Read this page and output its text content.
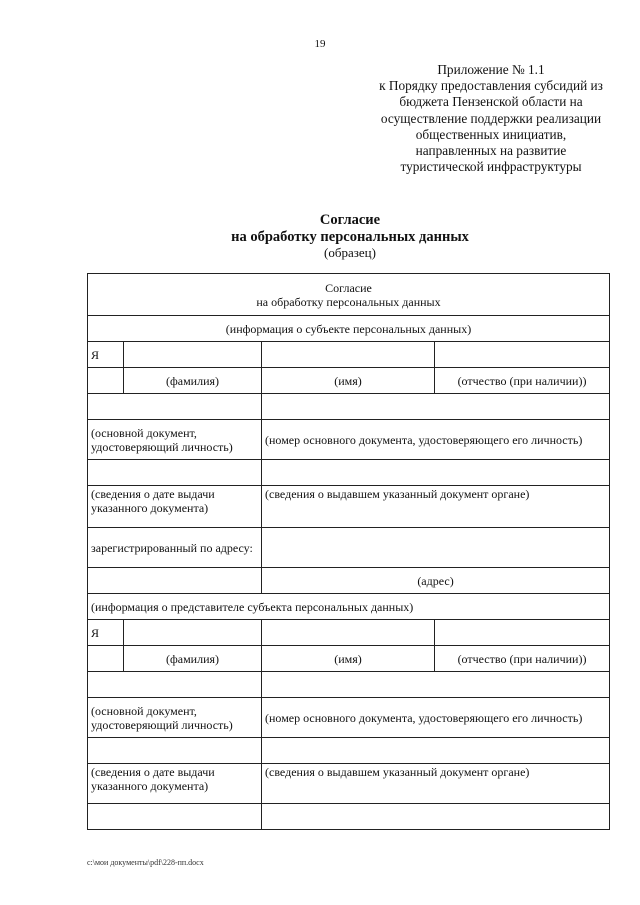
19
Приложение № 1.1
к Порядку предоставления субсидий из
бюджета Пензенской области на
осуществление поддержки реализации
общественных инициатив,
направленных на развитие
туристической инфраструктуры
Согласие
на обработку персональных данных
(образец)
Согласие
на обработку персональных данных			

(информация о субъекте персональных данных)			
Я			
	(фамилия)	(имя)	(отчество (при наличии))

(основной документ, удостоверяющий личность)		(номер основного документа, удостоверяющего его личность)	

(сведения о дате выдачи указанного документа)		(сведения о выдавшем указанный документ органе)	
зарегистрированный по адресу:			
		(адрес)	
(информация о представителе субъекта персональных данных)			
Я			
	(фамилия)	(имя)	(отчество (при наличии))

(основной документ, удостоверяющий личность)		(номер основного документа, удостоверяющего его личность)	

(сведения о дате выдачи указанного документа)		(сведения о выдавшем указанный документ органе)	

c:\мои документы\pdf\228-пп.docx
